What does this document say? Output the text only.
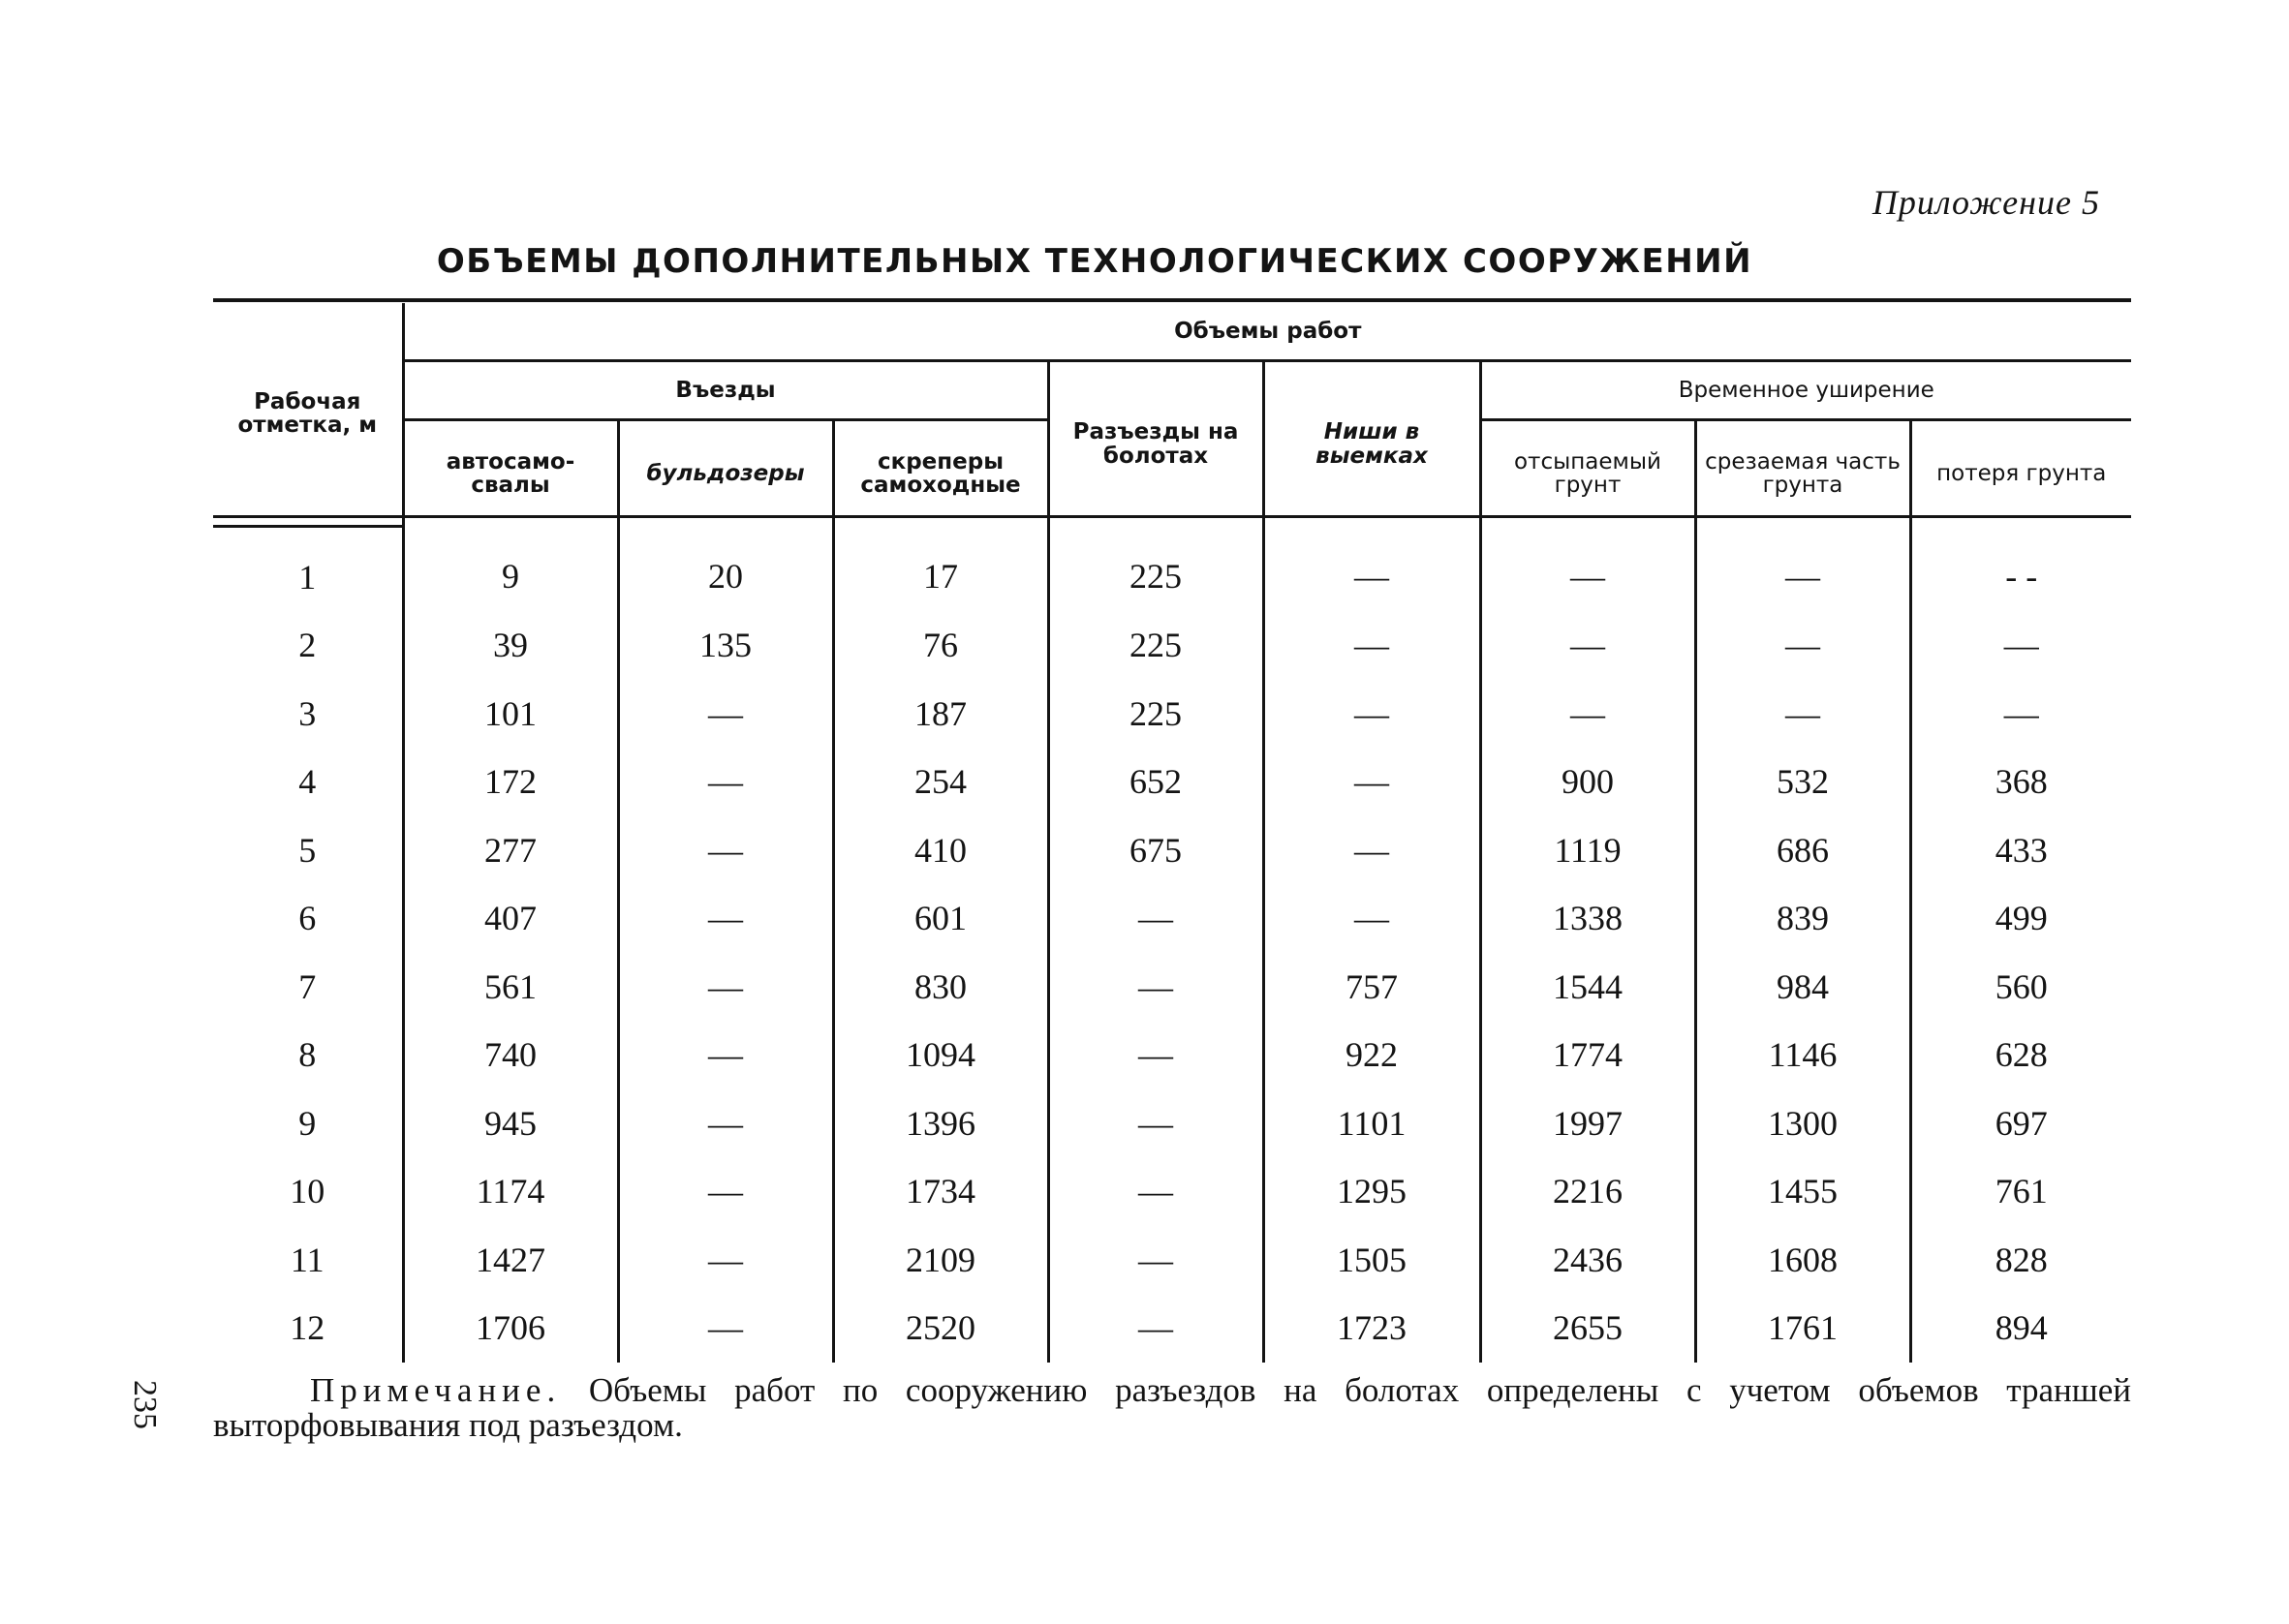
Приложение 5
ОБЪЕМЫ ДОПОЛНИТЕЛЬНЫХ ТЕХНОЛОГИЧЕСКИХ СООРУЖЕНИЙ
Рабочая отметка, м	Объемы работ							
	Въезды			Разъезды на болотах	Ниши в выемках	Временное уширение		
	автосамо-свалы	бульдозеры	скреперы самоходные			отсыпаемый грунт	срезаемая часть грунта	потеря грунта
1	9	20	17	225	—	—	—	- -
2	39	135	76	225	—	—	—	—
3	101	—	187	225	—	—	—	—
4	172	—	254	652	—	900	532	368
5	277	—	410	675	—	1119	686	433
6	407	—	601	—	—	1338	839	499
7	561	—	830	—	757	1544	984	560
8	740	—	1094	—	922	1774	1146	628
9	945	—	1396	—	1101	1997	1300	697
10	1174	—	1734	—	1295	2216	1455	761
11	1427	—	2109	—	1505	2436	1608	828
12	1706	—	2520	—	1723	2655	1761	894
Примечание. Объемы работ по сооружению разъездов на болотах определены с учетом объемов траншей выторфовывания под разъездом.
235
